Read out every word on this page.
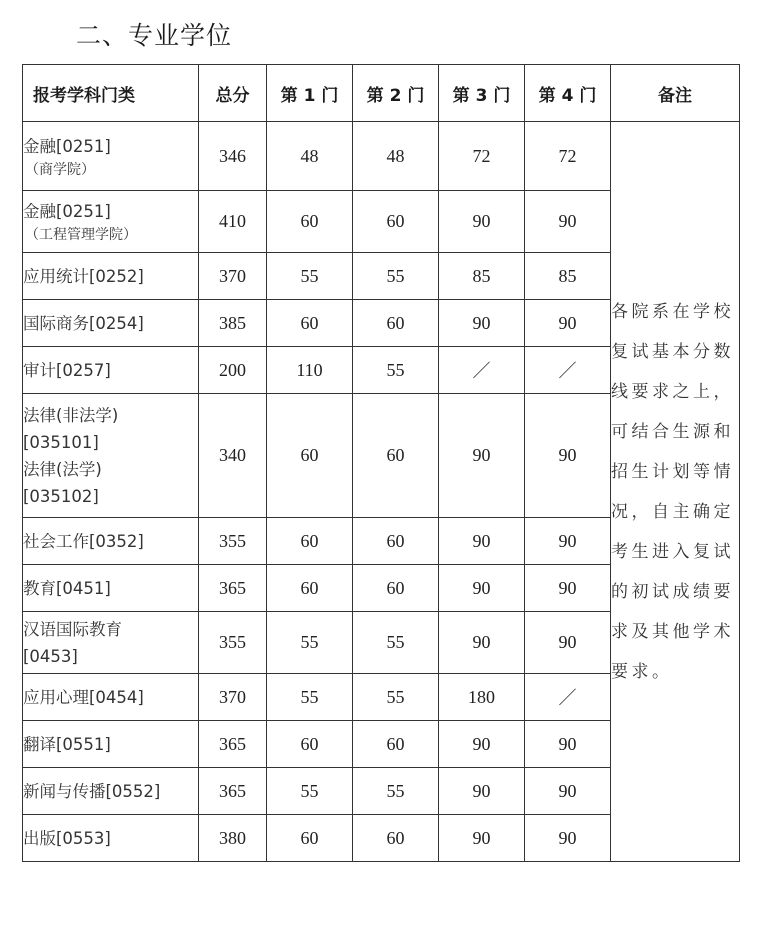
二、专业学位
报考学科门类	总分	第 1 门	第 2 门	第 3 门	第 4 门	备注

金融[0251]
（商学院）	346	48	48	72	72	各院系在学校复试基本分数线要求之上，可结合生源和招生计划等情况，自主确定考生进入复试的初试成绩要求及其他学术要求。

金融[0251]
（工程管理学院）	410	60	60	90	90	

应用统计[0252]	370	55	55	85	85	

国际商务[0254]	385	60	60	90	90	

审计[0257]	200	110	55	／	／	

法律(非法学)
[035101]
法律(法学)
[035102]	340	60	60	90	90	

社会工作[0352]	355	60	60	90	90	

教育[0451]	365	60	60	90	90	

汉语国际教育
[0453]	355	55	55	90	90	

应用心理[0454]	370	55	55	180	／	

翻译[0551]	365	60	60	90	90	

新闻与传播[0552]	365	55	55	90	90	

出版[0553]	380	60	60	90	90	
